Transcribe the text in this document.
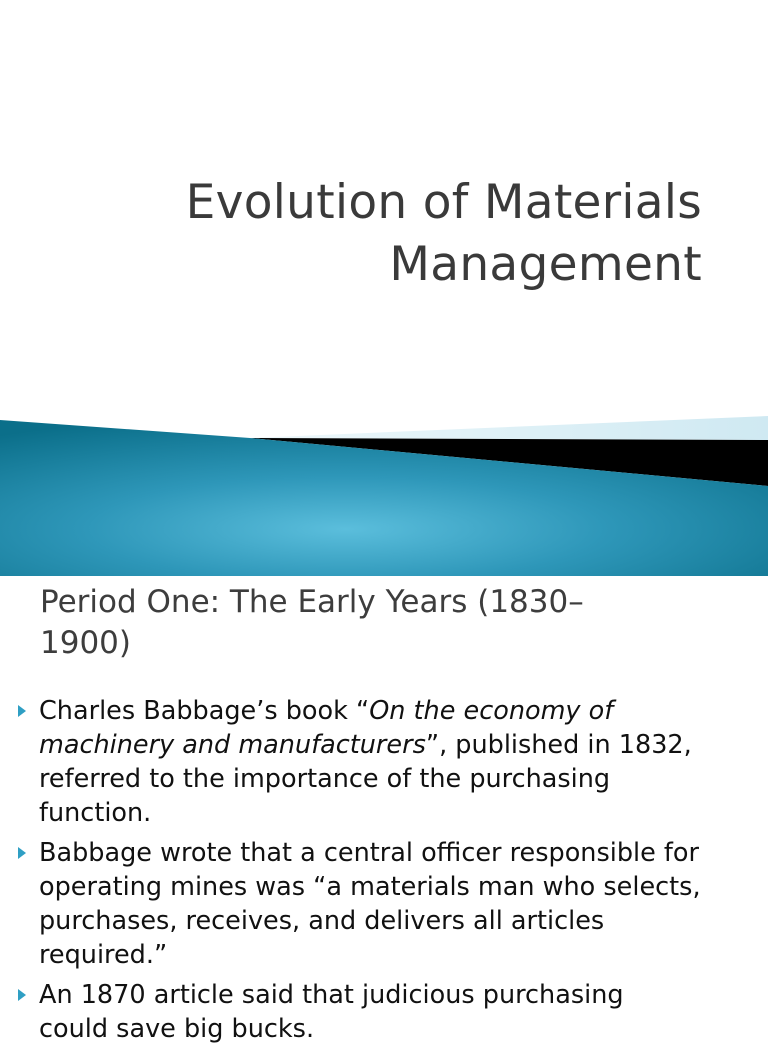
Evolution of Materials
Management
Period One: The Early Years (1830–
1900)
Charles Babbage’s book “On the economy of
machinery and manufacturers”, published in 1832,
referred to the importance of the purchasing
function.
Babbage wrote that a central officer responsible for
operating mines was “a materials man who selects,
purchases, receives, and delivers all articles
required.”
An 1870 article said that judicious purchasing
could save big bucks.
